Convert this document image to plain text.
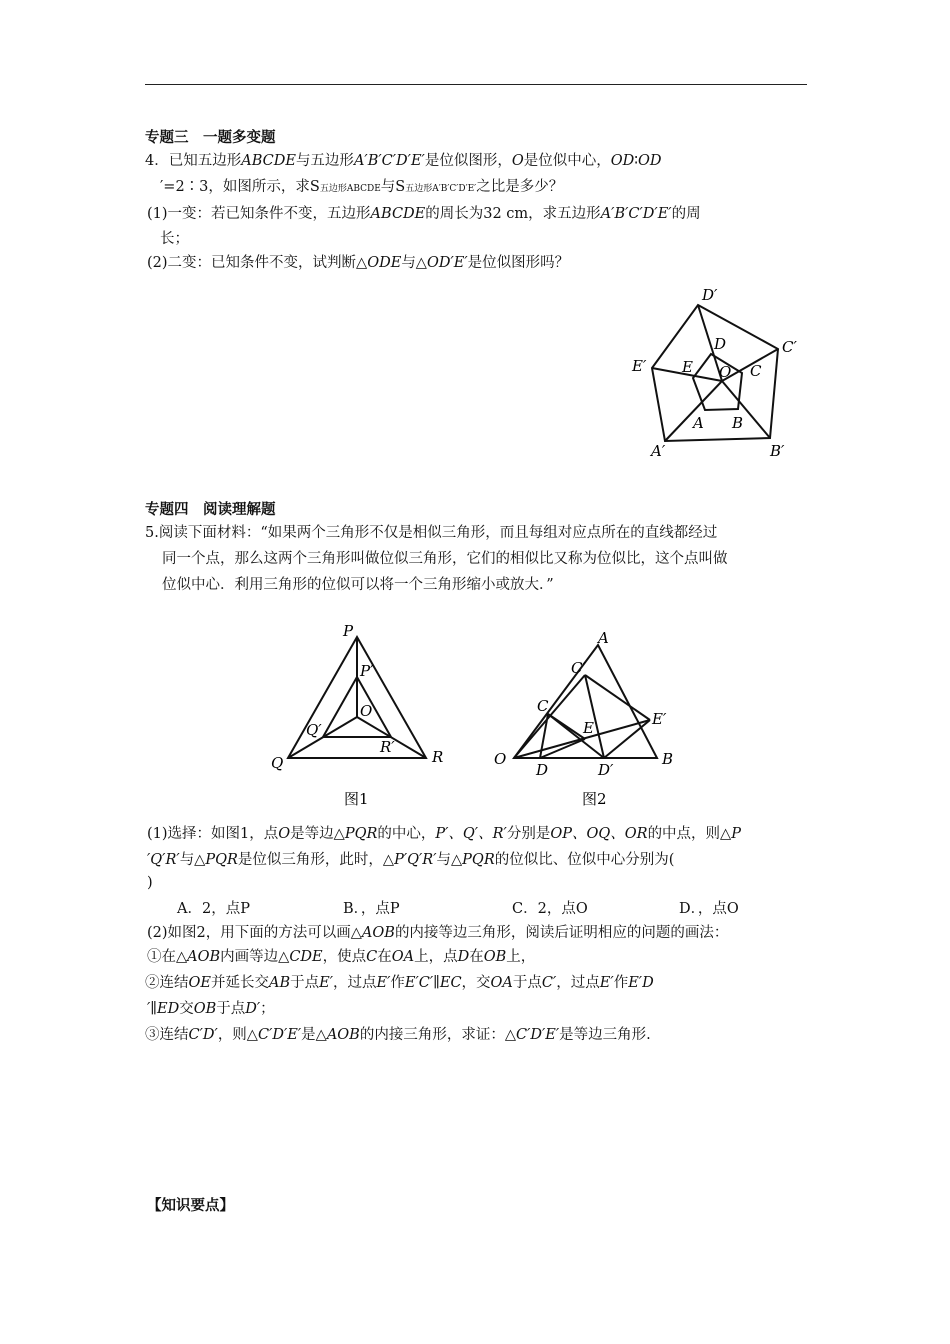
专题三　一题多变题
4．已知五边形ABCDE与五边形A′B′C′D′E′是位似图形，O是位似中心，OD∶OD
′=2∶3，如图所示，求S五边形ABCDE与S五边形A′B′C′D′E′之比是多少？
(1)一变：若已知条件不变，五边形ABCDE的周长为32 cm，求五边形A′B′C′D′E′的周
长；
(2)二变：已知条件不变，试判断△ODE与△OD′E′是位似图形吗？
D′
C′
E′
A′	B′
D
E O C
A B
专题四　阅读理解题
5.阅读下面材料：“如果两个三角形不仅是相似三角形，而且每组对应点所在的直线都经过
同一个点，那么这两个三角形叫做位似三角形，它们的相似比又称为位似比，这个点叫做
位似中心．利用三角形的位似可以将一个三角形缩小或放大．”
P
P′
O
Q′
R′
Q	R
图1
A
C′
C
E	E′
O
D	D′
B
图2
(1)选择：如图1，点O是等边△PQR的中心，P′、Q′、R′分别是OP、OQ、OR的中点，则△P
′Q′R′与△PQR是位似三角形，此时，△P′Q′R′与△PQR的位似比、位似中心分别为(
)
A．2，点P	B．，点P	C．2，点O	D．，点O
(2)如图2，用下面的方法可以画△AOB的内接等边三角形，阅读后证明相应的问题的画法：
①在△AOB内画等边△CDE，使点C在OA上，点D在OB上，
②连结OE并延长交AB于点E′，过点E′作E′C′∥EC，交OA于点C′，过点E′作E′D
′∥ED交OB于点D′；
③连结C′D′，则△C′D′E′是△AOB的内接三角形，求证：△C′D′E′是等边三角形.
【知识要点】
